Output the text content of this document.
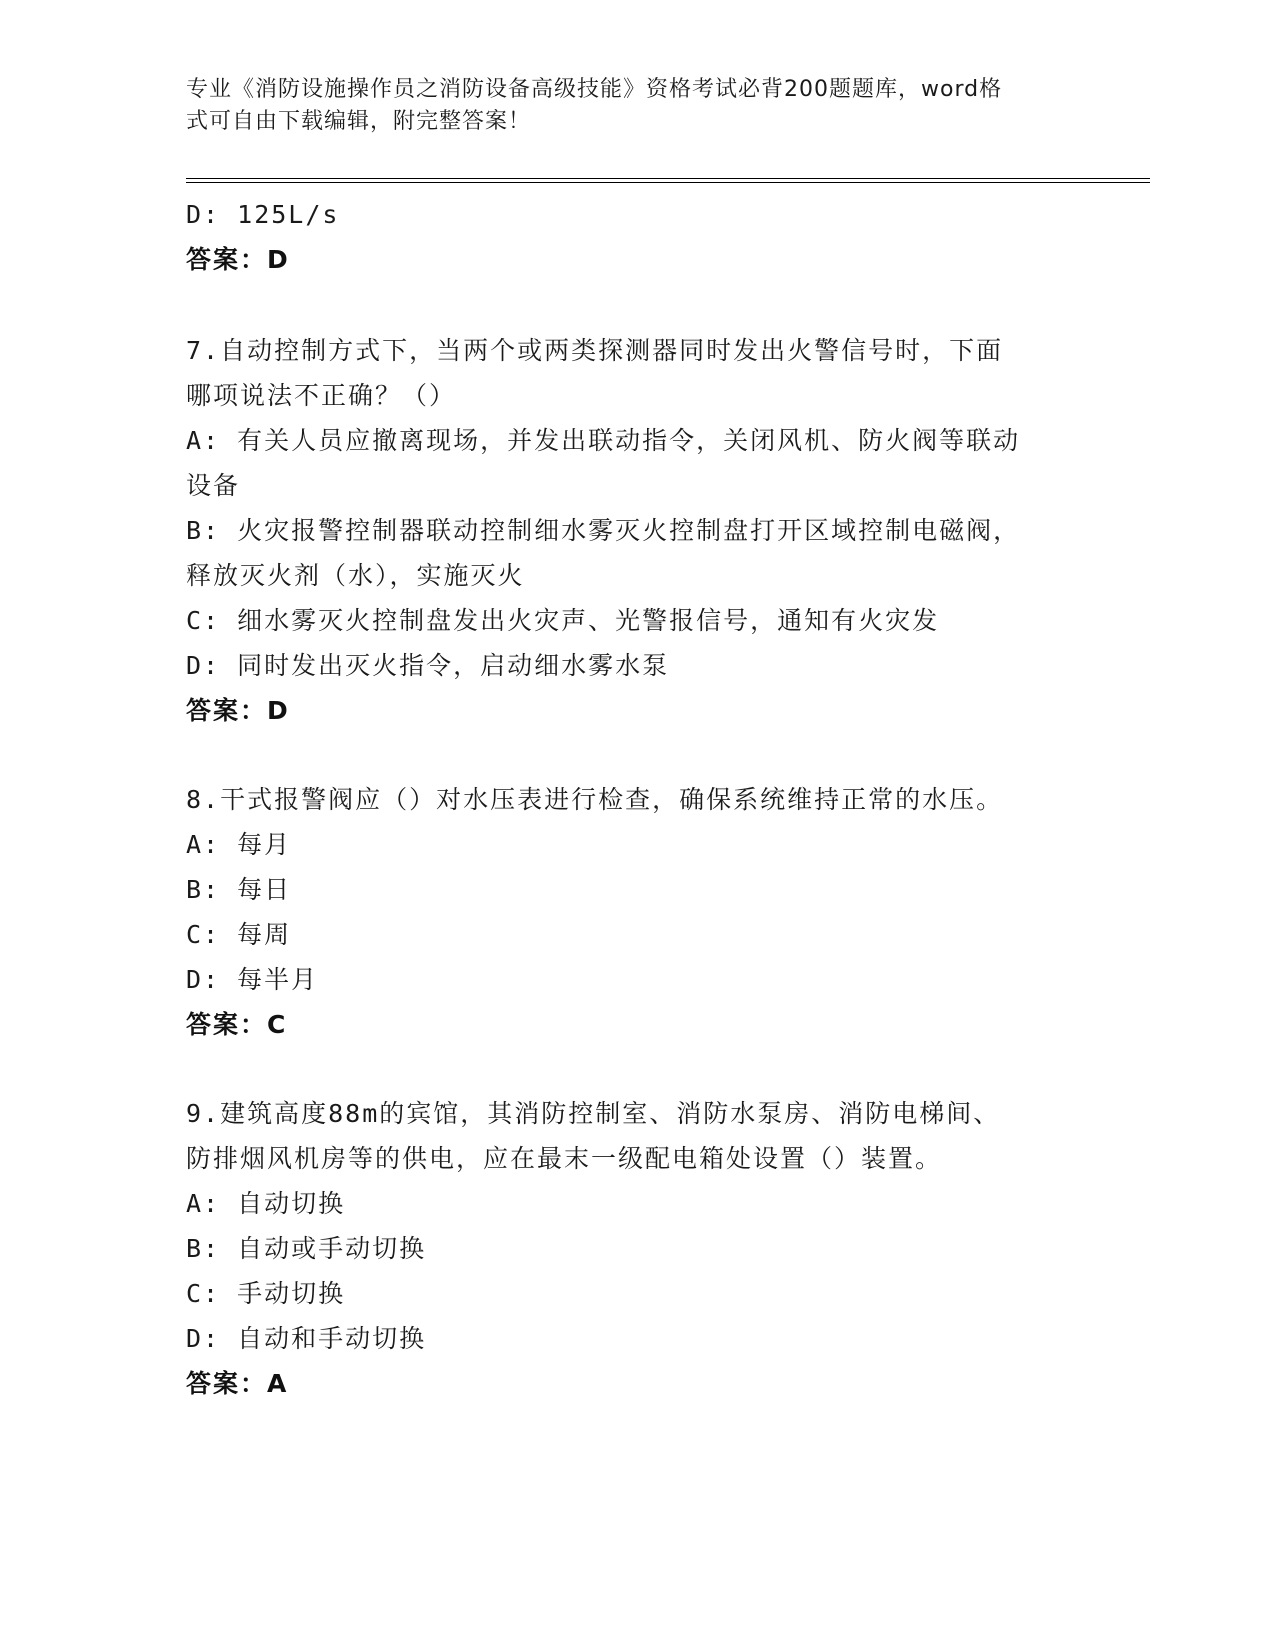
专业《消防设施操作员之消防设备高级技能》资格考试必背200题题库，word格
式可自由下载编辑，附完整答案！
D: 125L/s
答案：D
7.自动控制方式下，当两个或两类探测器同时发出火警信号时，下面
哪项说法不正确？（）
A: 有关人员应撤离现场，并发出联动指令，关闭风机、防火阀等联动
设备
B: 火灾报警控制器联动控制细水雾灭火控制盘打开区域控制电磁阀，
释放灭火剂（水），实施灭火
C: 细水雾灭火控制盘发出火灾声、光警报信号，通知有火灾发
D: 同时发出灭火指令，启动细水雾水泵
答案：D
8.干式报警阀应（）对水压表进行检查，确保系统维持正常的水压。
A: 每月
B: 每日
C: 每周
D: 每半月
答案：C
9.建筑高度88m的宾馆，其消防控制室、消防水泵房、消防电梯间、
防排烟风机房等的供电，应在最末一级配电箱处设置（）装置。
A: 自动切换
B: 自动或手动切换
C: 手动切换
D: 自动和手动切换
答案：A
